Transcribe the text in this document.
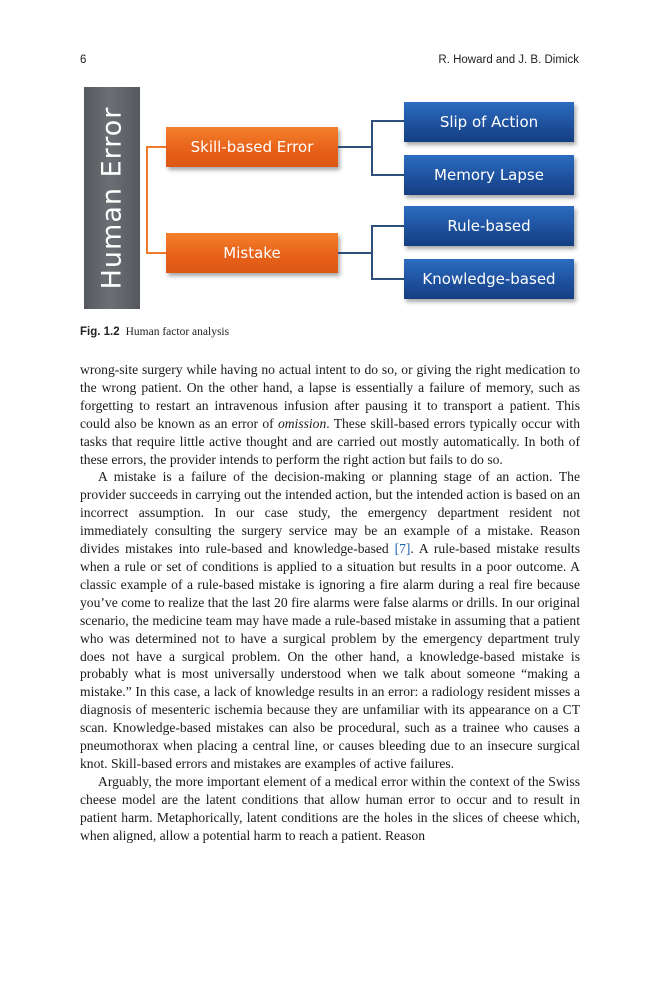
6	R. Howard and J. B. Dimick
Human Error	Skill-based Error
Mistake
Slip of Action
Memory Lapse
Rule-based
Knowledge-based
Fig. 1.2 Human factor analysis

wrong-site surgery while having no actual intent to do so, or giving the right medication to the wrong patient. On the other hand, a lapse is essentially a failure of memory, such as forgetting to restart an intravenous infusion after pausing it to transport a patient. This could also be known as an error of omission. These skill-based errors typically occur with tasks that require little active thought and are carried out mostly automatically. In both of these errors, the provider intends to perform the right action but fails to do so.

A mistake is a failure of the decision-making or planning stage of an action. The provider succeeds in carrying out the intended action, but the intended action is based on an incorrect assumption. In our case study, the emergency department resident not immediately consulting the surgery service may be an example of a mistake. Reason divides mistakes into rule-based and knowledge-based [7]. A rule-based mistake results when a rule or set of conditions is applied to a situation but results in a poor outcome. A classic example of a rule-based mistake is ignoring a fire alarm during a real fire because you’ve come to realize that the last 20 fire alarms were false alarms or drills. In our original scenario, the medicine team may have made a rule-based mistake in assuming that a patient who was determined not to have a surgical problem by the emergency department truly does not have a surgical problem. On the other hand, a knowledge-based mistake is probably what is most universally understood when we talk about someone “making a mistake.” In this case, a lack of knowledge results in an error: a radiology resident misses a diagnosis of mesenteric ischemia because they are unfamiliar with its appearance on a CT scan. Knowledge-based mistakes can also be procedural, such as a trainee who causes a pneumothorax when placing a central line, or causes bleeding due to an insecure surgical knot. Skill-based errors and mistakes are examples of active failures.

Arguably, the more important element of a medical error within the context of the Swiss cheese model are the latent conditions that allow human error to occur and to result in patient harm. Metaphorically, latent conditions are the holes in the slices of cheese which, when aligned, allow a potential harm to reach a patient. Reason
